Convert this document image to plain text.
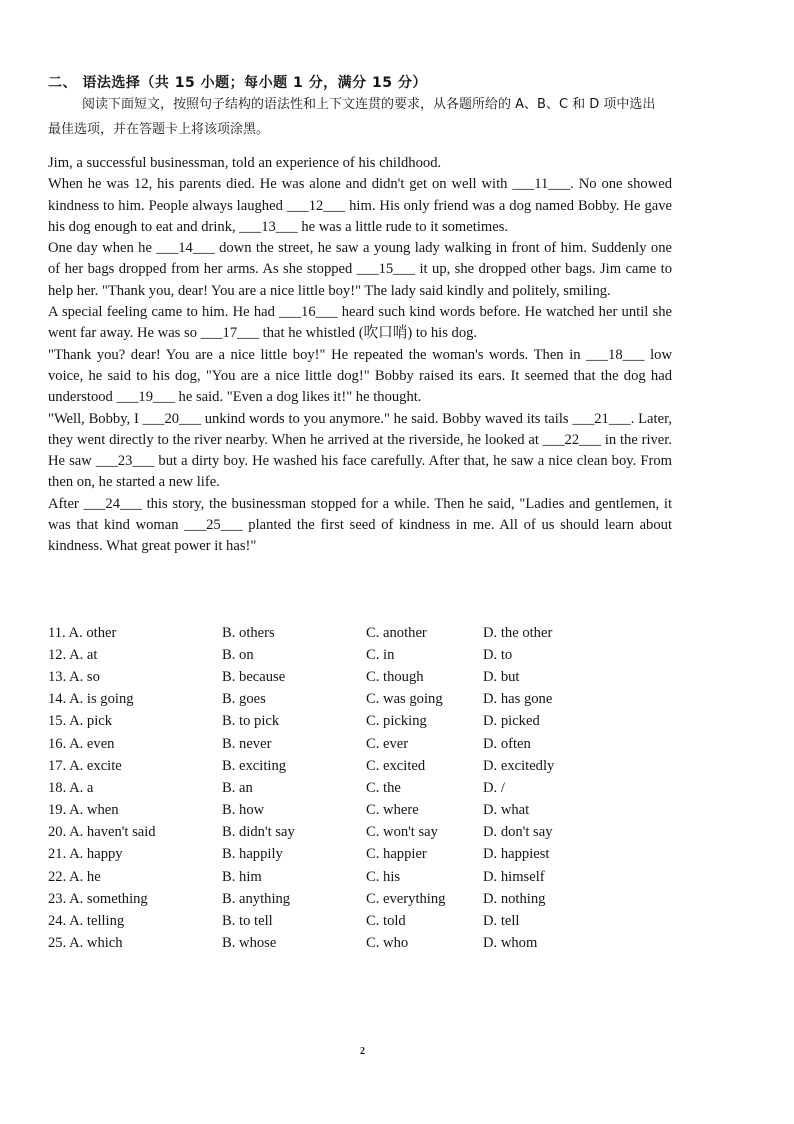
二、 语法选择（共 15 小题；每小题 1 分，满分 15 分）
阅读下面短文，按照句子结构的语法性和上下文连贯的要求，从各题所给的 A、B、C 和 D 项中选出最佳选项，并在答题卡上将该项涂黑。

Jim, a successful businessman, told an experience of his childhood.

When he was 12, his parents died. He was alone and didn't get on well with ___11___. No one showed kindness to him. People always laughed ___12___ him. His only friend was a dog named Bobby. He gave his dog enough to eat and drink, ___13___ he was a little rude to it sometimes.

One day when he ___14___ down the street, he saw a young lady walking in front of him. Suddenly one of her bags dropped from her arms. As she stopped ___15___ it up, she dropped other bags. Jim came to help her. "Thank you, dear! You are a nice little boy!" The lady said kindly and politely, smiling.

A special feeling came to him. He had ___16___ heard such kind words before. He watched her until she went far away. He was so ___17___ that he whistled (吹口哨) to his dog.

"Thank you? dear! You are a nice little boy!" He repeated the woman's words. Then in ___18___ low voice, he said to his dog, "You are a nice little dog!" Bobby raised its ears. It seemed that the dog had understood ___19___ he said. "Even a dog likes it!" he thought.

"Well, Bobby, I ___20___ unkind words to you anymore." he said. Bobby waved its tails ___21___. Later, they went directly to the river nearby. When he arrived at the riverside, he looked at ___22___ in the river. He saw ___23___ but a dirty boy. He washed his face carefully. After that, he saw a nice clean boy. From then on, he started a new life.

After ___24___ this story, the businessman stopped for a while. Then he said, "Ladies and gentlemen, it was that kind woman ___25___ planted the first seed of kindness in me. All of us should learn about kindness. What great power it has!"

11. A. other	B. others	C. another	D. the other
12. A. at	B. on	C. in	D. to
13. A. so	B. because	C. though	D. but
14. A. is going	B. goes	C. was going	D. has gone
15. A. pick	B. to pick	C. picking	D. picked
16. A. even	B. never	C. ever	D. often
17. A. excite	B. exciting	C. excited	D. excitedly
18. A. a	B. an	C. the	D. /
19. A. when	B. how	C. where	D. what
20. A. haven't said	B. didn't say	C. won't say	D. don't say
21. A. happy	B. happily	C. happier	D. happiest
22. A. he	B. him	C. his	D. himself
23. A. something	B. anything	C. everything	D. nothing
24. A. telling	B. to tell	C. told	D. tell
25. A. which	B. whose	C. who	D. whom
2
